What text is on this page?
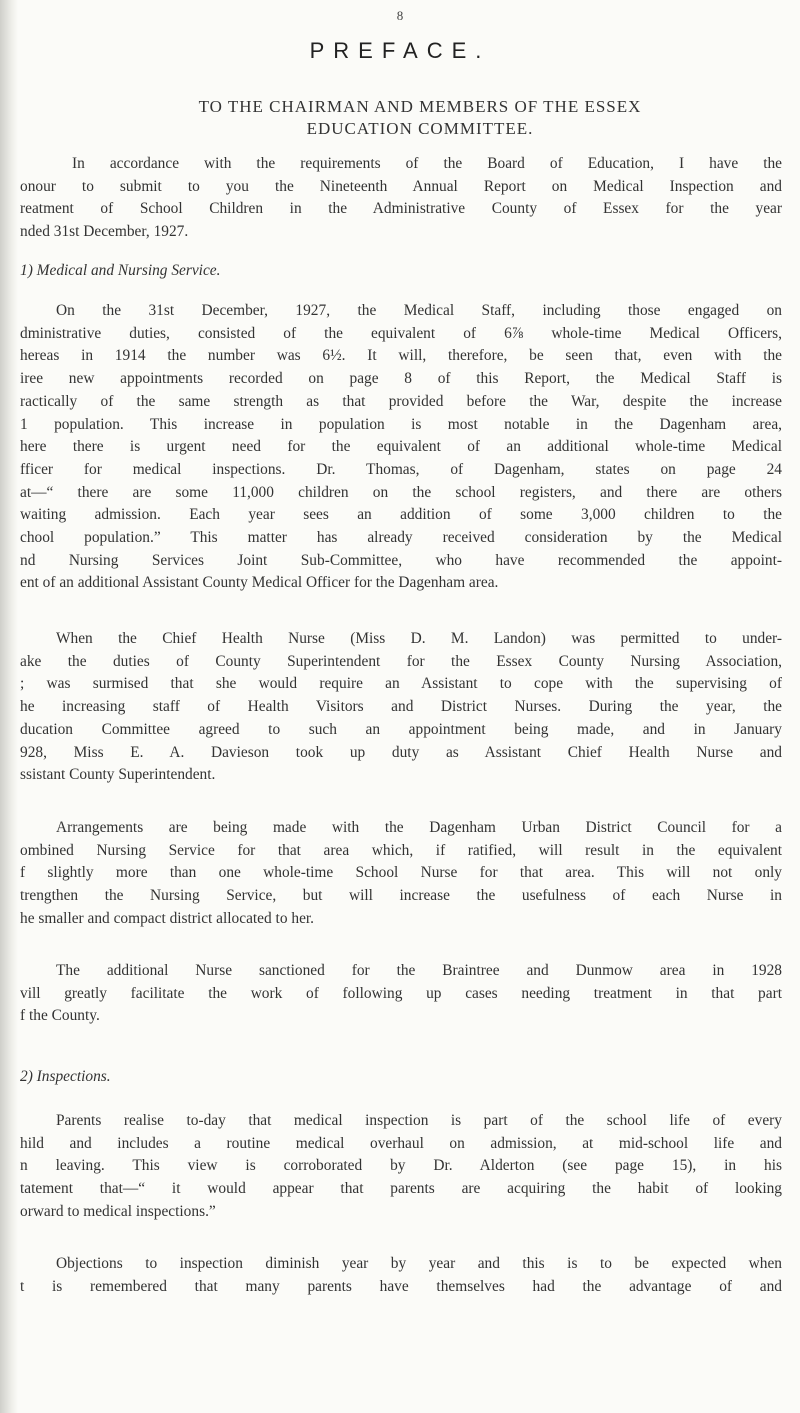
8
PREFACE.
TO THE CHAIRMAN AND MEMBERS OF THE ESSEX
EDUCATION COMMITTEE.
In accordance with the requirements of the Board of Education, I have the
onour to submit to you the Nineteenth Annual Report on Medical Inspection and
reatment of School Children in the Administrative County of Essex for the year
nded 31st December, 1927.
1) Medical and Nursing Service.
On the 31st December, 1927, the Medical Staff, including those engaged on
dministrative duties, consisted of the equivalent of 6⅞ whole-time Medical Officers,
hereas in 1914 the number was 6½. It will, therefore, be seen that, even with the
iree new appointments recorded on page 8 of this Report, the Medical Staff is
ractically of the same strength as that provided before the War, despite the increase
1 population. This increase in population is most notable in the Dagenham area,
here there is urgent need for the equivalent of an additional whole-time Medical
fficer for medical inspections. Dr. Thomas, of Dagenham, states on page 24
at—“ there are some 11,000 children on the school registers, and there are others
waiting admission. Each year sees an addition of some 3,000 children to the
chool population.” This matter has already received consideration by the Medical
nd Nursing Services Joint Sub-Committee, who have recommended the appoint-
ent of an additional Assistant County Medical Officer for the Dagenham area.
When the Chief Health Nurse (Miss D. M. Landon) was permitted to under-
ake the duties of County Superintendent for the Essex County Nursing Association,
; was surmised that she would require an Assistant to cope with the supervising of
he increasing staff of Health Visitors and District Nurses. During the year, the
ducation Committee agreed to such an appointment being made, and in January
928, Miss E. A. Davieson took up duty as Assistant Chief Health Nurse and
ssistant County Superintendent.
Arrangements are being made with the Dagenham Urban District Council for a
ombined Nursing Service for that area which, if ratified, will result in the equivalent
f slightly more than one whole-time School Nurse for that area. This will not only
trengthen the Nursing Service, but will increase the usefulness of each Nurse in
he smaller and compact district allocated to her.
The additional Nurse sanctioned for the Braintree and Dunmow area in 1928
vill greatly facilitate the work of following up cases needing treatment in that part
f the County.
2) Inspections.
Parents realise to-day that medical inspection is part of the school life of every
hild and includes a routine medical overhaul on admission, at mid-school life and
n leaving. This view is corroborated by Dr. Alderton (see page 15), in his
tatement that—“ it would appear that parents are acquiring the habit of looking
orward to medical inspections.”
Objections to inspection diminish year by year and this is to be expected when
t is remembered that many parents have themselves had the advantage of and
